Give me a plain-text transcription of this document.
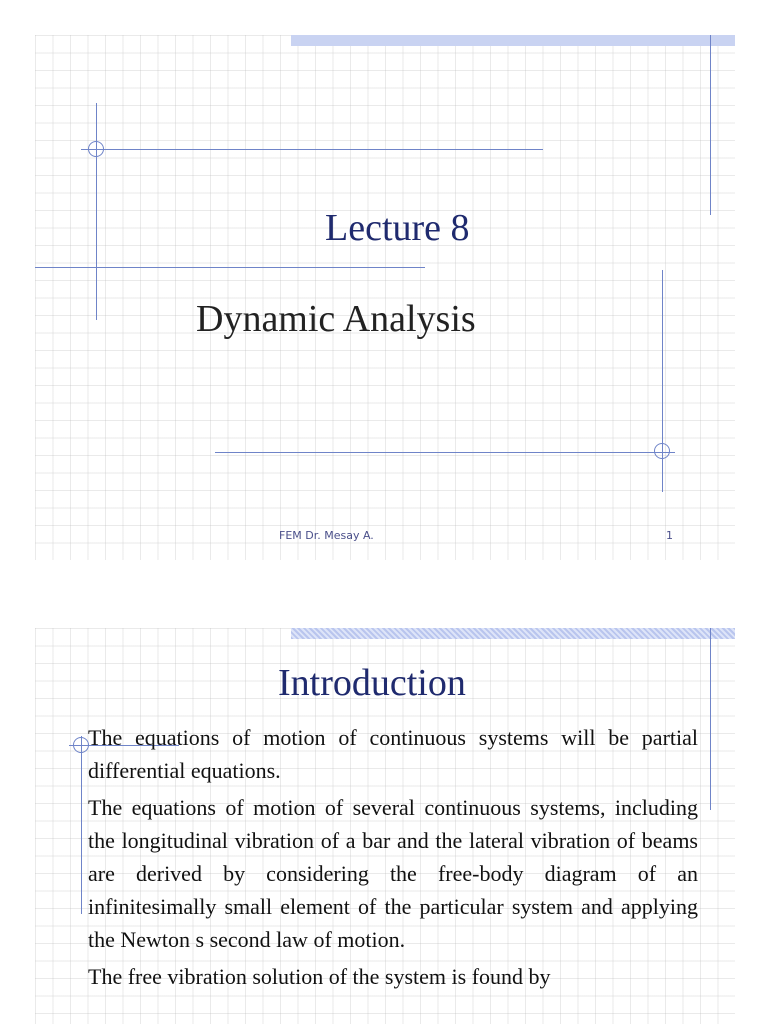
Lecture 8
Dynamic Analysis
FEM Dr. Mesay A.	1
Introduction

The equations of motion of continuous systems will be partial differential equations.

The equations of motion of several continuous systems, including the longitudinal vibration of a bar and the lateral vibration of beams are derived by considering the free-body diagram of an infinitesimally small element of the particular system and applying the Newton s second law of motion.

The free vibration solution of the system is found by
